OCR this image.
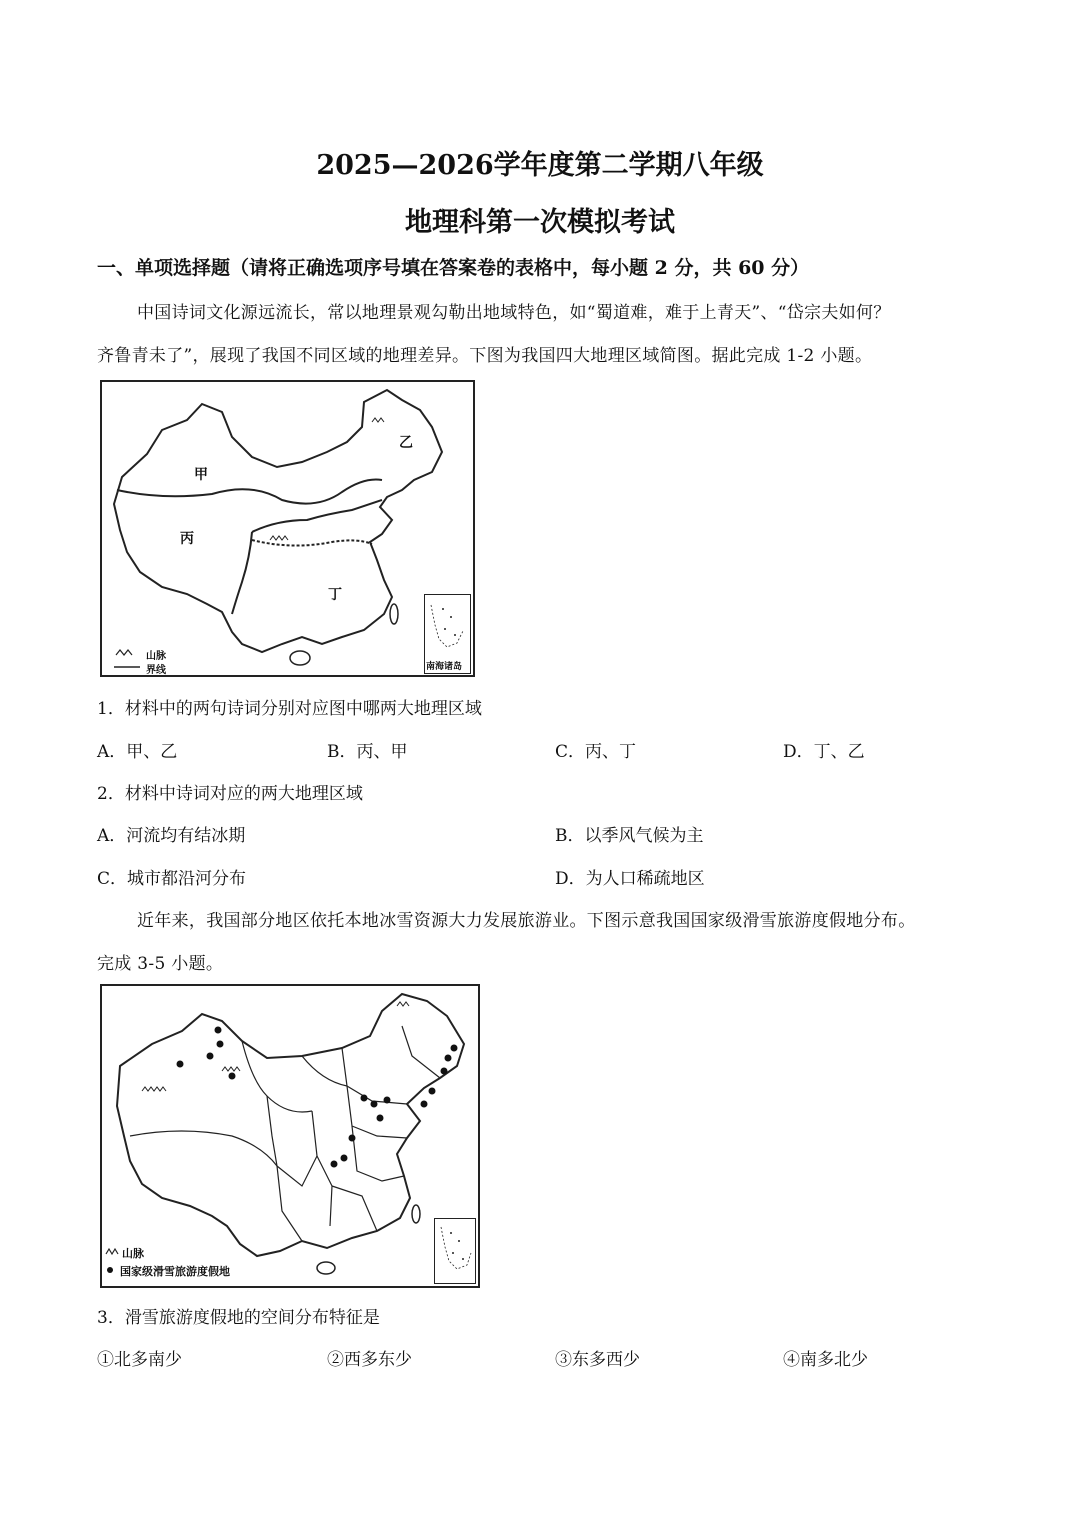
2025—2026学年度第二学期八年级
地理科第一次模拟考试
一、单项选择题（请将正确选项序号填在答案卷的表格中，每小题 2 分，共 60 分）
中国诗词文化源远流长，常以地理景观勾勒出地域特色，如“蜀道难，难于上青天”、“岱宗夫如何？
齐鲁青未了”，展现了我国不同区域的地理差异。下图为我国四大地理区域简图。据此完成 1-2 小题。
甲
乙
丙
丁
山脉
界线	南海诸岛
1．材料中的两句诗词分别对应图中哪两大地理区域
A．甲、乙	B．丙、甲	C．丙、丁	D．丁、乙
2．材料中诗词对应的两大地理区域
A．河流均有结冰期	B．以季风气候为主
C．城市都沿河分布	D．为人口稀疏地区
近年来，我国部分地区依托本地冰雪资源大力发展旅游业。下图示意我国国家级滑雪旅游度假地分布。
完成 3-5 小题。
山脉
国家级滑雪旅游度假地
3．滑雪旅游度假地的空间分布特征是
①北多南少	②西多东少	③东多西少	④南多北少
